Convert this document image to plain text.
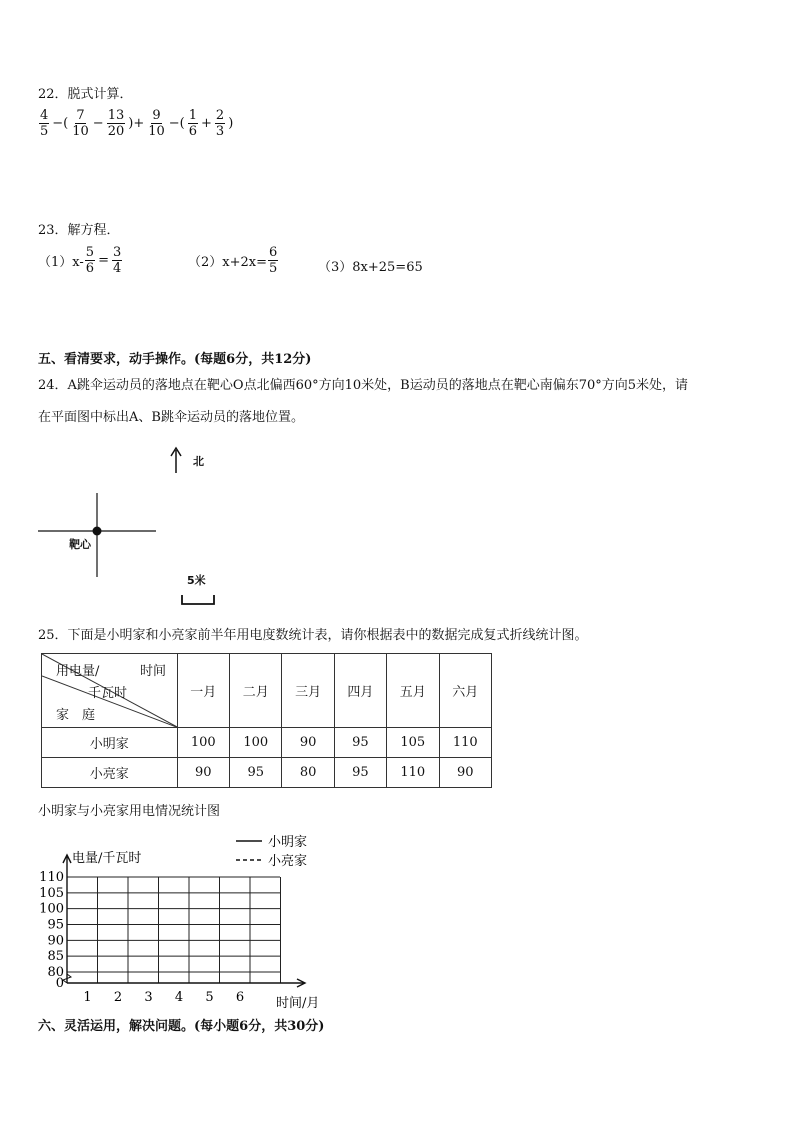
22．脱式计算．
$\frac{4}{5}$ −( $\frac{7}{10} - \frac{13}{20}$ )+ $\frac{9}{10}$ −( $\frac{1}{6} + \frac{2}{3}$ )
23．解方程．
$(1)x- \frac{5}{6} = \frac{3}{4}$	$(2)x+2x= \frac{6}{5}$	（3）8x+25=65
五、看清要求，动手操作。(每题6分，共12分)
24．A跳伞运动员的落地点在靶心O点北偏西60°方向10米处，B运动员的落地点在靶心南偏东70°方向5米处，请
在平面图中标出A、B跳伞运动员的落地位置。
北
靶心
5米
25．下面是小明家和小亮家前半年用电度数统计表，请你根据表中的数据完成复式折线统计图。
用电量/ 时间
千瓦时
家　庭	一月	二月	三月	四月	五月	六月
小明家	100	100	90	95	105	110
小亮家	90	95	80	95	110	90
小明家与小亮家用电情况统计图
0
80
85
90
95
100
105
110
1 2 3 4 5 6
电量/千瓦时
时间/月
小明家
小亮家
六、灵活运用，解决问题。(每小题6分，共30分)
